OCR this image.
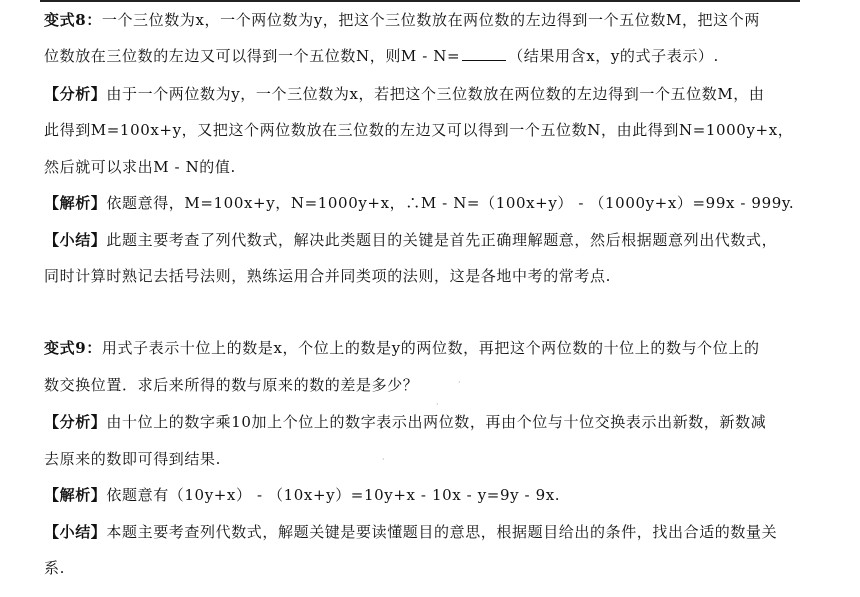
变式8：一个三位数为x，一个两位数为y，把这个三位数放在两位数的左边得到一个五位数M，把这个两
位数放在三位数的左边又可以得到一个五位数N，则M - N=	（结果用含x，y的式子表示）.
【分析】由于一个两位数为y，一个三位数为x，若把这个三位数放在两位数的左边得到一个五位数M，由
此得到M=100x+y，又把这个两位数放在三位数的左边又可以得到一个五位数N，由此得到N=1000y+x，
然后就可以求出M - N的值.
【解析】依题意得，M=100x+y，N=1000y+x，∴M - N=（100x+y） - （1000y+x）=99x - 999y.
【小结】此题主要考查了列代数式，解决此类题目的关键是首先正确理解题意，然后根据题意列出代数式，
同时计算时熟记去括号法则，熟练运用合并同类项的法则，这是各地中考的常考点.
变式9：用式子表示十位上的数是x，个位上的数是y的两位数，再把这个两位数的十位上的数与个位上的
数交换位置．求后来所得的数与原来的数的差是多少？
【分析】由十位上的数字乘10加上个位上的数字表示出两位数，再由个位与十位交换表示出新数，新数减
去原来的数即可得到结果.
【解析】依题意有（10y+x） - （10x+y）=10y+x - 10x - y=9y - 9x.
【小结】本题主要考查列代数式，解题关键是要读懂题目的意思，根据题目给出的条件，找出合适的数量关
系.
·
·
·
